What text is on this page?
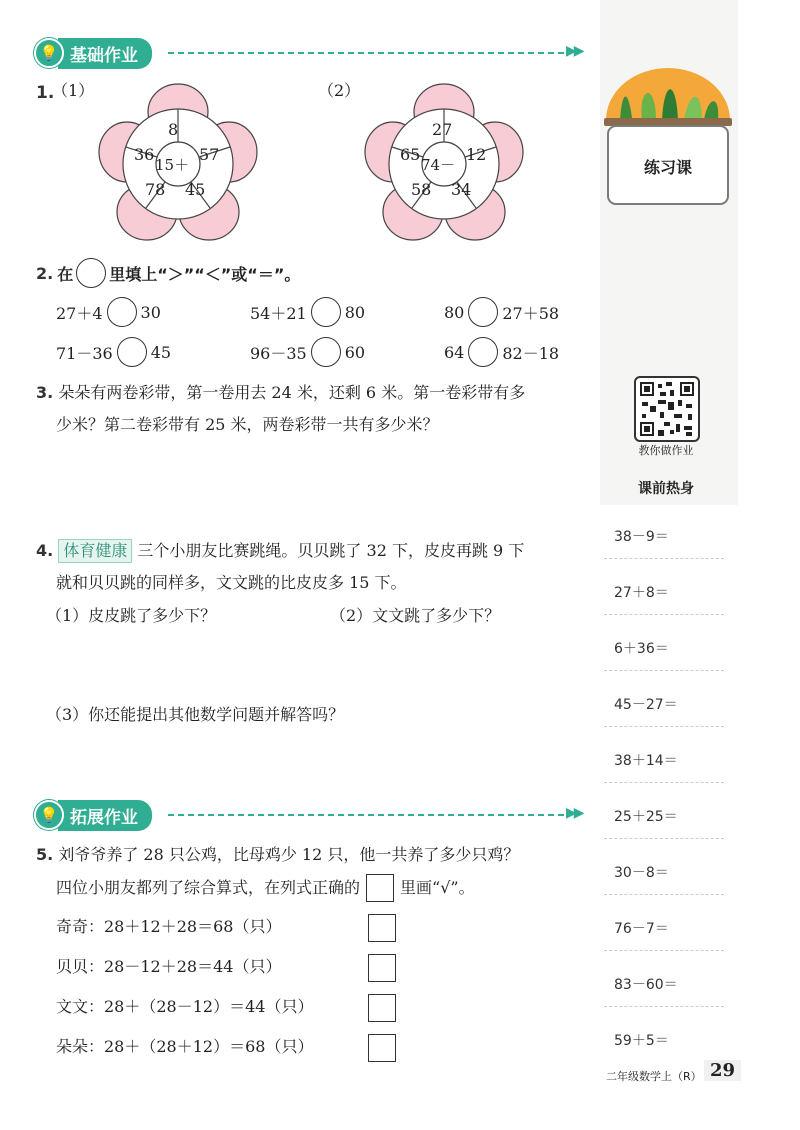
练习课
教你做作业
课前热身
38－9＝
27＋8＝
6＋36＝
45－27＝
38＋14＝
25＋25＝
30－8＝
76－7＝
83－60＝
59＋5＝
💡 基础作业	▶▶
1.
（1）	（2）
8
36	57
15＋
78 45
27
65	12
74－
58 34
2. 在 里填上“＞”“＜”或“＝”。
27＋4 30	54＋21 80	80 27＋58
71－36 45	96－35 60	64 82－18
3. 朵朵有两卷彩带，第一卷用去 24 米，还剩 6 米。第一卷彩带有多
少米？第二卷彩带有 25 米，两卷彩带一共有多少米？
4. 体育健康 三个小朋友比赛跳绳。贝贝跳了 32 下，皮皮再跳 9 下
就和贝贝跳的同样多，文文跳的比皮皮多 15 下。
（1）皮皮跳了多少下？	（2）文文跳了多少下？
（3）你还能提出其他数学问题并解答吗？
💡 拓展作业	▶▶
5. 刘爷爷养了 28 只公鸡，比母鸡少 12 只，他一共养了多少只鸡？
四位小朋友都列了综合算式，在列式正确的	里画“√”。
奇奇：28＋12＋28＝68（只）
贝贝：28－12＋28＝44（只）
文文：28＋（28－12）＝44（只）
朵朵：28＋（28＋12）＝68（只）
二年级数学上（R） 29
